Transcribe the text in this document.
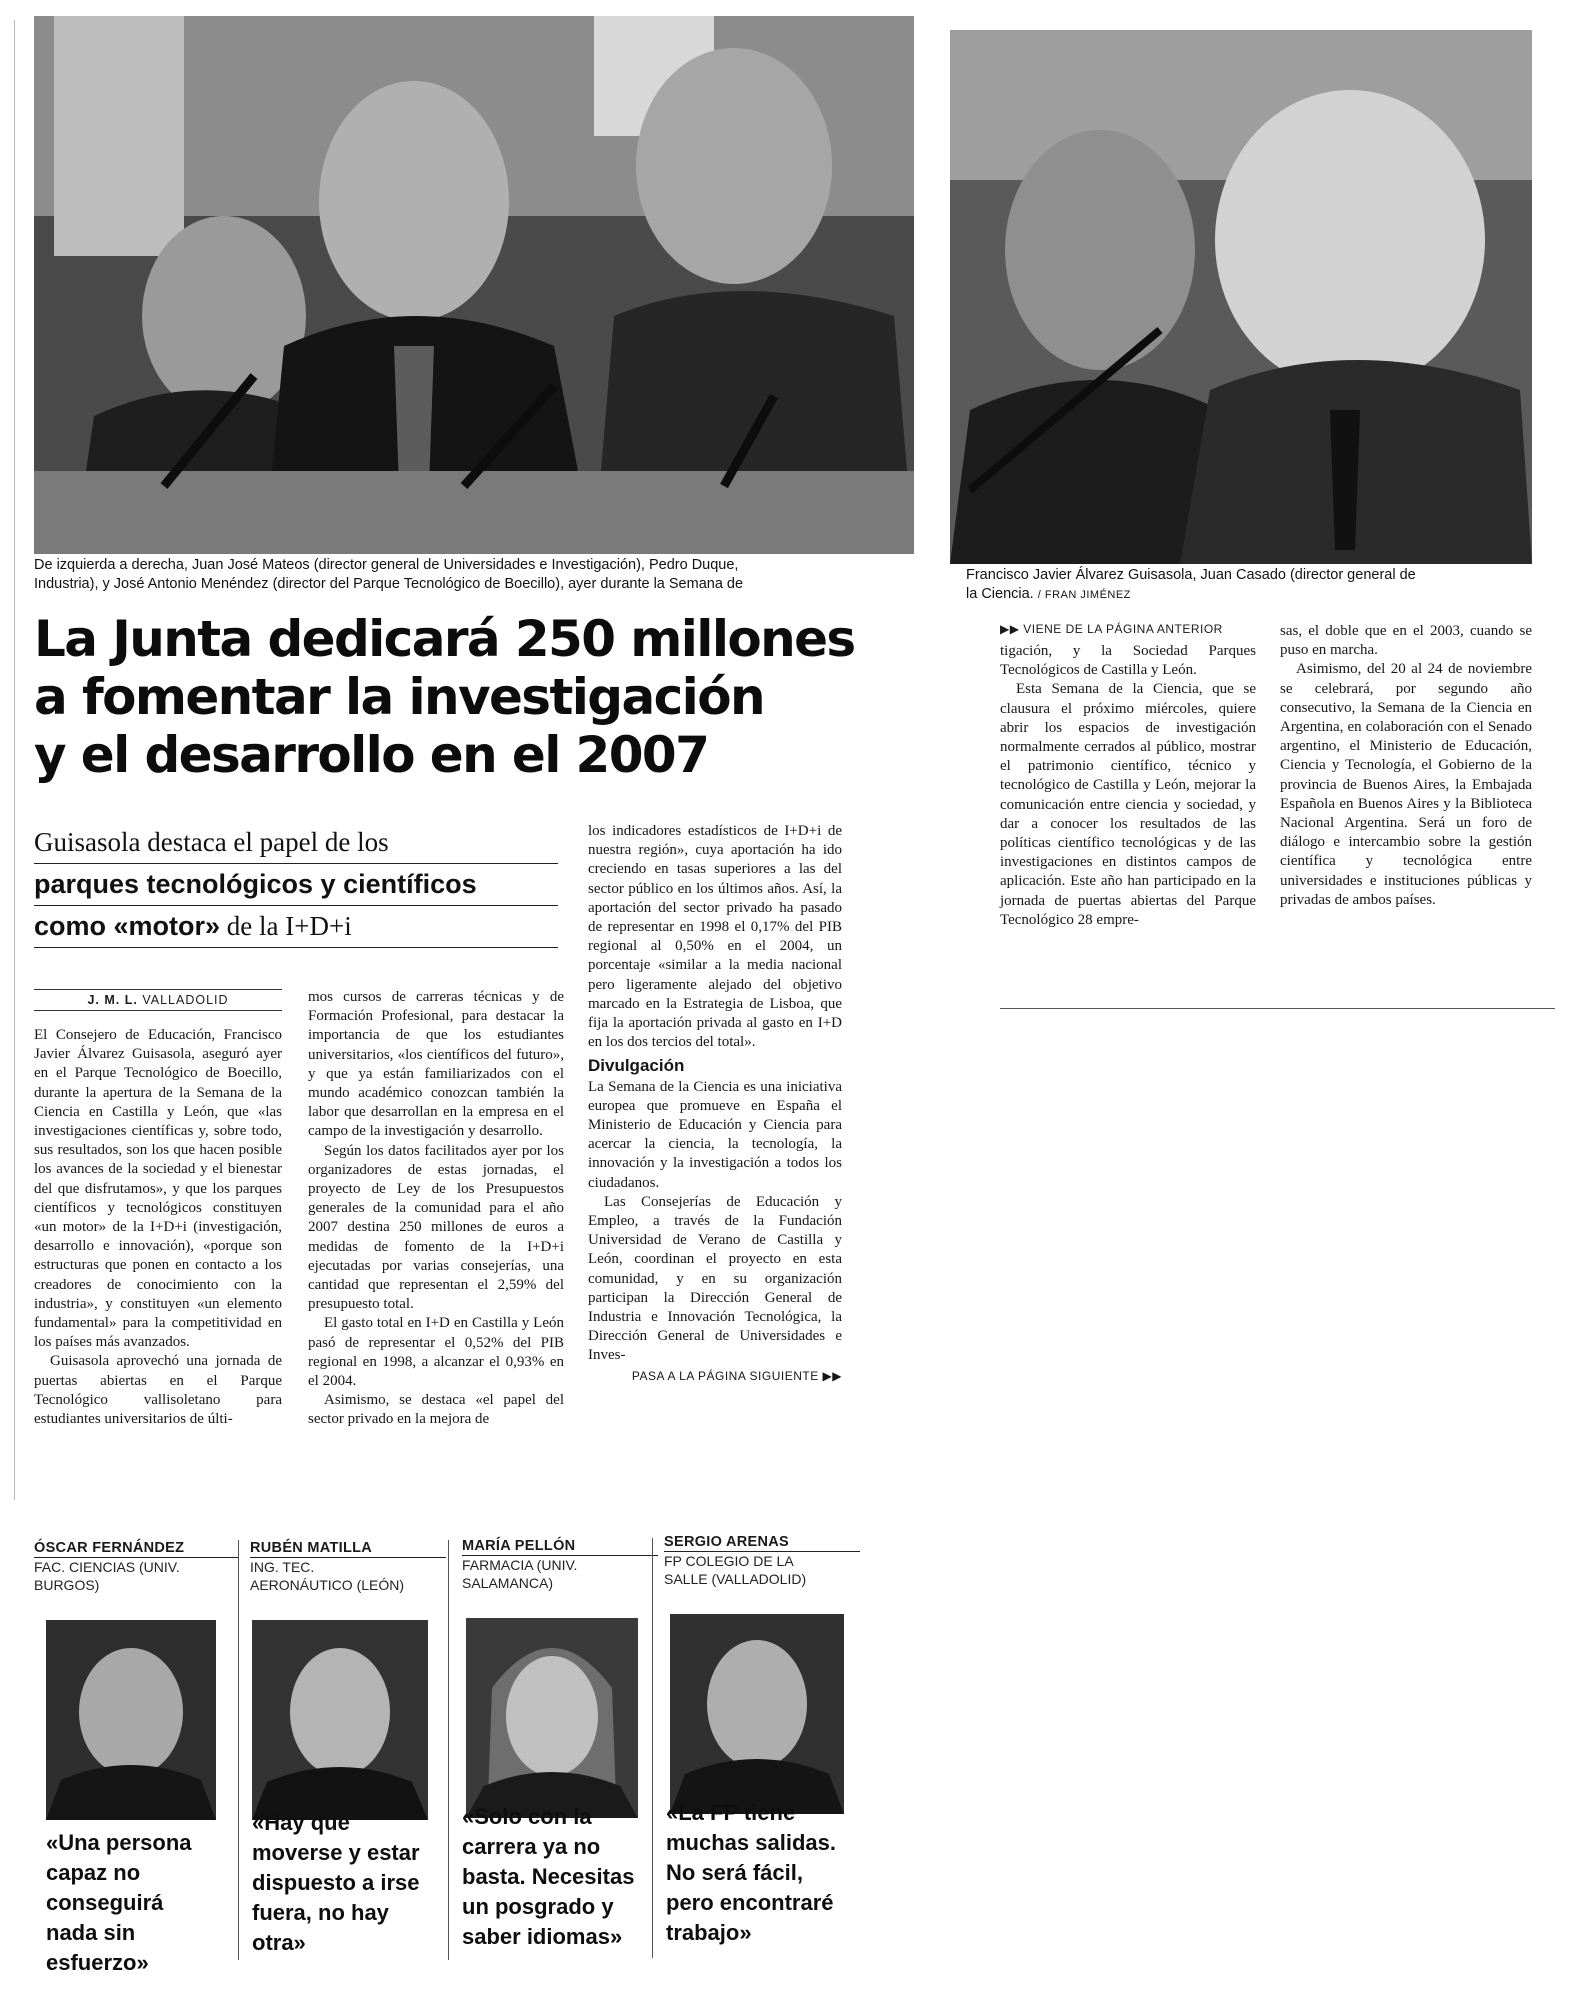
De izquierda a derecha, Juan José Mateos (director general de Universidades e Investigación), Pedro Duque,
Industria), y José Antonio Menéndez (director del Parque Tecnológico de Boecillo), ayer durante la Semana de
Francisco Javier Álvarez Guisasola, Juan Casado (director general de
la Ciencia. / FRAN JIMÉNEZ
La Junta dedicará 250 millones
a fomentar la investigación
y el desarrollo en el 2007
Guisasola destaca el papel de los
parques tecnológicos y científicos
como «motor» de la I+D+i
J. M. L. VALLADOLID

El Consejero de Educación, Francisco Javier Álvarez Guisasola, aseguró ayer en el Parque Tecnológico de Boecillo, durante la apertura de la Semana de la Ciencia en Castilla y León, que «las investigaciones científicas y, sobre todo, sus resultados, son los que hacen posible los avances de la sociedad y el bienestar del que disfrutamos», y que los parques científicos y tecnológicos constituyen «un motor» de la I+D+i (investigación, desarrollo e innovación), «porque son estructuras que ponen en contacto a los creadores de conocimiento con la industria», y constituyen «un elemento fundamental» para la competitividad en los países más avanzados.

Guisasola aprovechó una jornada de puertas abiertas en el Parque Tecnológico vallisoletano para estudiantes universitarios de últi-

mos cursos de carreras técnicas y de Formación Profesional, para destacar la importancia de que los estudiantes universitarios, «los científicos del futuro», y que ya están familiarizados con el mundo académico conozcan también la labor que desarrollan en la empresa en el campo de la investigación y desarrollo.

Según los datos facilitados ayer por los organizadores de estas jornadas, el proyecto de Ley de los Presupuestos generales de la comunidad para el año 2007 destina 250 millones de euros a medidas de fomento de la I+D+i ejecutadas por varias consejerías, una cantidad que representan el 2,59% del presupuesto total.

El gasto total en I+D en Castilla y León pasó de representar el 0,52% del PIB regional en 1998, a alcanzar el 0,93% en el 2004.

Asimismo, se destaca «el papel del sector privado en la mejora de

los indicadores estadísticos de I+D+i de nuestra región», cuya aportación ha ido creciendo en tasas superiores a las del sector público en los últimos años. Así, la aportación del sector privado ha pasado de representar en 1998 el 0,17% del PIB regional al 0,50% en el 2004, un porcentaje «similar a la media nacional pero ligeramente alejado del objetivo marcado en la Estrategia de Lisboa, que fija la aportación privada al gasto en I+D en los dos tercios del total».

Divulgación

La Semana de la Ciencia es una iniciativa europea que promueve en España el Ministerio de Educación y Ciencia para acercar la ciencia, la tecnología, la innovación y la investigación a todos los ciudadanos.

Las Consejerías de Educación y Empleo, a través de la Fundación Universidad de Verano de Castilla y León, coordinan el proyecto en esta comunidad, y en su organización participan la Dirección General de Industria e Innovación Tecnológica, la Dirección General de Universidades e Inves-

PASA A LA PÁGINA SIGUIENTE ▶▶
▶▶ VIENE DE LA PÁGINA ANTERIOR

tigación, y la Sociedad Parques Tecnológicos de Castilla y León.

Esta Semana de la Ciencia, que se clausura el próximo miércoles, quiere abrir los espacios de investigación normalmente cerrados al público, mostrar el patrimonio científico, técnico y tecnológico de Castilla y León, mejorar la comunicación entre ciencia y sociedad, y dar a conocer los resultados de las políticas científico tecnológicas y de las investigaciones en distintos campos de aplicación. Este año han participado en la jornada de puertas abiertas del Parque Tecnológico 28 empre-

sas, el doble que en el 2003, cuando se puso en marcha.

Asimismo, del 20 al 24 de noviembre se celebrará, por segundo año consecutivo, la Semana de la Ciencia en Argentina, en colaboración con el Senado argentino, el Ministerio de Educación, Ciencia y Tecnología, el Gobierno de la provincia de Buenos Aires, la Embajada Española en Buenos Aires y la Biblioteca Nacional Argentina. Será un foro de diálogo e intercambio sobre la gestión científica y tecnológica entre universidades e instituciones públicas y privadas de ambos países.

ÓSCAR FERNÁNDEZ
FAC. CIENCIAS (UNIV.
BURGOS)
«Una persona
capaz no
conseguirá
nada sin
esfuerzo»
RUBÉN MATILLA
ING. TEC.
AERONÁUTICO (LEÓN)
«Hay que
moverse y estar
dispuesto a irse
fuera, no hay
otra»
MARÍA PELLÓN
FARMACIA (UNIV.
SALAMANCA)
«Solo con la
carrera ya no
basta. Necesitas
un posgrado y
saber idiomas»
SERGIO ARENAS
FP COLEGIO DE LA
SALLE (VALLADOLID)
«La FP tiene
muchas salidas.
No será fácil,
pero encontraré
trabajo»
